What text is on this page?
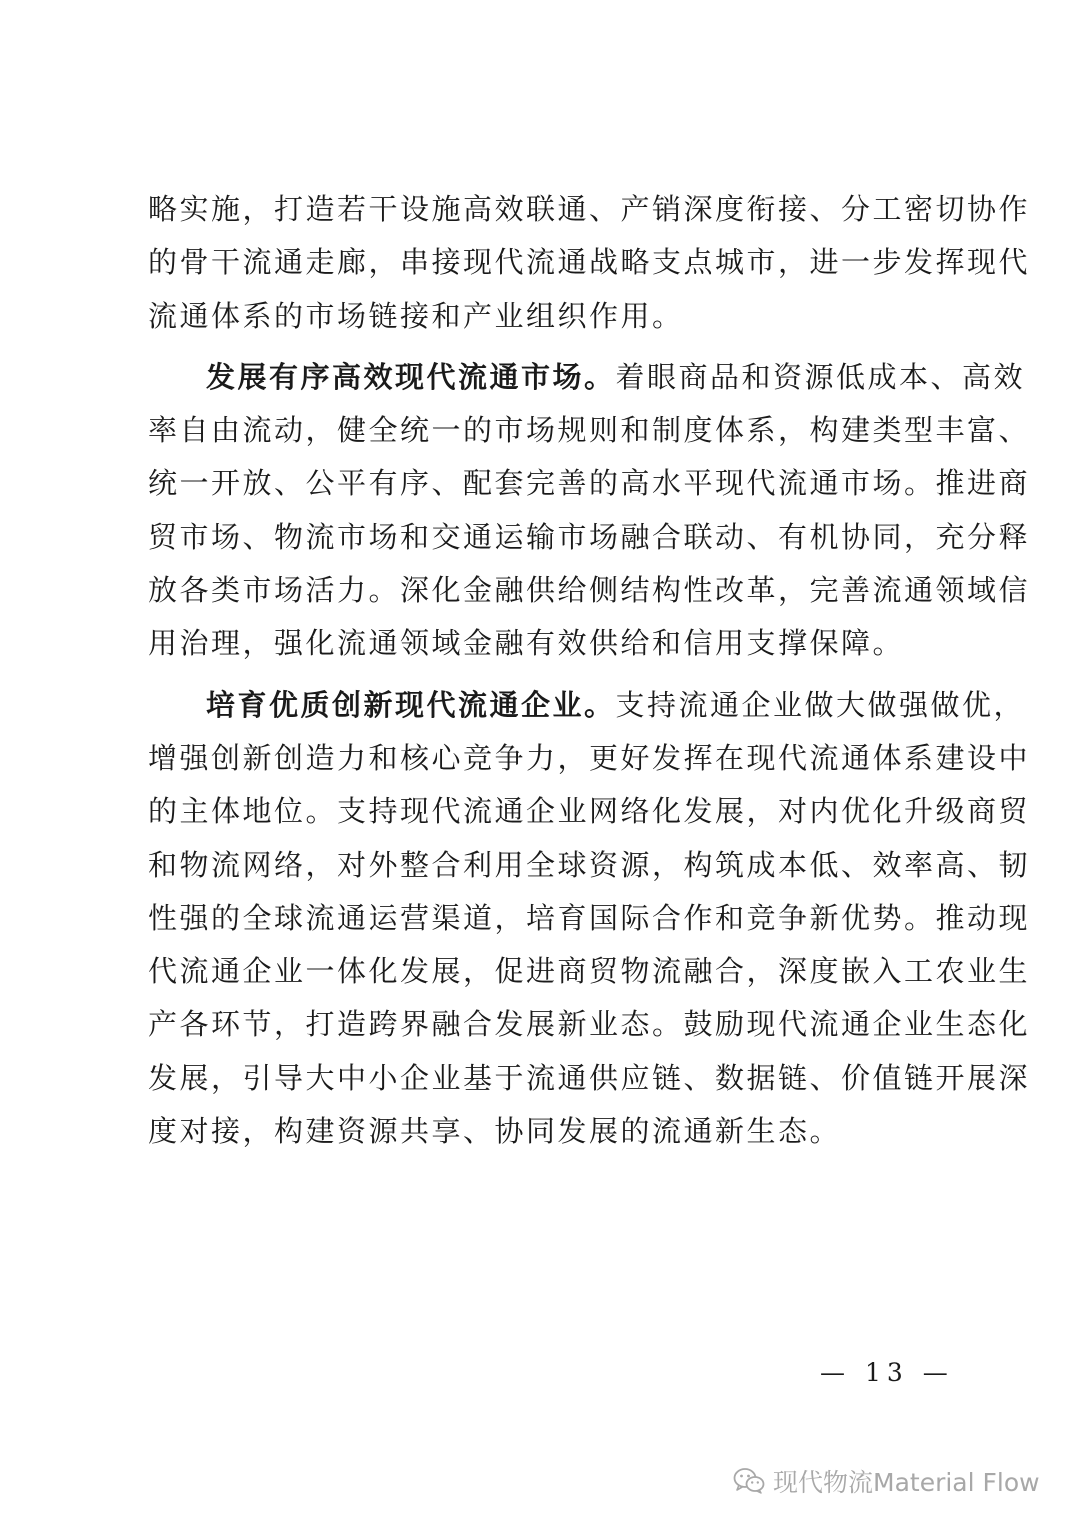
略实施，打造若干设施高效联通、产销深度衔接、分工密切协作
的骨干流通走廊，串接现代流通战略支点城市，进一步发挥现代
流通体系的市场链接和产业组织作用。
发展有序高效现代流通市场。着眼商品和资源低成本、高效
率自由流动，健全统一的市场规则和制度体系，构建类型丰富、
统一开放、公平有序、配套完善的高水平现代流通市场。推进商
贸市场、物流市场和交通运输市场融合联动、有机协同，充分释
放各类市场活力。深化金融供给侧结构性改革，完善流通领域信
用治理，强化流通领域金融有效供给和信用支撑保障。
培育优质创新现代流通企业。支持流通企业做大做强做优，
增强创新创造力和核心竞争力，更好发挥在现代流通体系建设中
的主体地位。支持现代流通企业网络化发展，对内优化升级商贸
和物流网络，对外整合利用全球资源，构筑成本低、效率高、韧
性强的全球流通运营渠道，培育国际合作和竞争新优势。推动现
代流通企业一体化发展，促进商贸物流融合，深度嵌入工农业生
产各环节，打造跨界融合发展新业态。鼓励现代流通企业生态化
发展，引导大中小企业基于流通供应链、数据链、价值链开展深
度对接，构建资源共享、协同发展的流通新生态。
— 13 —
现代物流Material Flow
